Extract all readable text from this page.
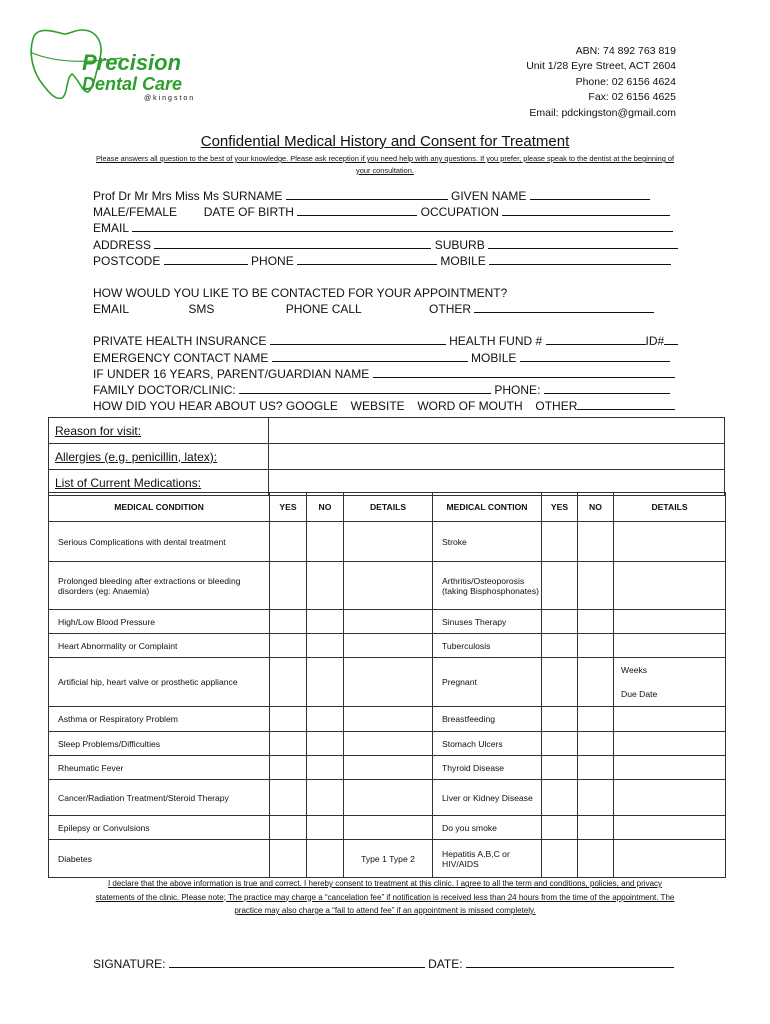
Precision
Dental Care
@kingston
ABN: 74 892 763 819
Unit 1/28 Eyre Street, ACT 2604
Phone: 02 6156 4624
Fax: 02 6156 4625
Email: pdckingston@gmail.com
Confidential Medical History and Consent for Treatment
Please answers all question to the best of your knowledge. Please ask reception if you need help with any questions. If you prefer, please speak to the dentist at the beginning of your consultation.
Prof Dr Mr Mrs Miss Ms SURNAME	GIVEN NAME
MALE/FEMALE DATE OF BIRTH	OCCUPATION
EMAIL
ADDRESS	SUBURB
POSTCODE	PHONE	MOBILE
HOW WOULD YOU LIKE TO BE CONTACTED FOR YOUR APPOINTMENT?
EMAIL	SMS	PHONE CALL	OTHER
PRIVATE HEALTH INSURANCE	HEALTH FUND #	ID#
EMERGENCY CONTACT NAME	MOBILE
IF UNDER 16 YEARS, PARENT/GUARDIAN NAME
FAMILY DOCTOR/CLINIC:	PHONE:
HOW DID YOU HEAR ABOUT US? GOOGLE WEBSITE WORD OF MOUTH OTHER
Reason for visit:	
Allergies (e.g. penicillin, latex):	
List of Current Medications:	
MEDICAL CONDITION	YES	NO	DETAILS	MEDICAL CONTION	YES	NO	DETAILS
Serious Complications with dental treatment				Stroke			
Prolonged bleeding after extractions or bleeding disorders (eg: Anaemia)				Arthritis/Osteoporosis (taking Bisphosphonates)			
High/Low Blood Pressure				Sinuses Therapy			
Heart Abnormality or Complaint				Tuberculosis			
Artificial hip, heart valve or prosthetic appliance				Pregnant			Weeks
Due Date

Asthma or Respiratory Problem				Breastfeeding			
Sleep Problems/Difficulties				Stomach Ulcers			
Rheumatic Fever				Thyroid Disease			
Cancer/Radiation Treatment/Steroid Therapy				Liver or Kidney Disease			
Epilepsy or Convulsions				Do you smoke			
Diabetes			Type 1 Type 2	Hepatitis A,B,C or HIV/AIDS			
I declare that the above information is true and correct. I hereby consent to treatment at this clinic. I agree to all the term and conditions, policies, and privacy statements of the clinic. Please note; The practice may charge a “cancelation fee” if notification is received less than 24 hours from the time of the appointment. The practice may also charge a “fail to attend fee” if an appointment is missed completely.
SIGNATURE:	DATE:
